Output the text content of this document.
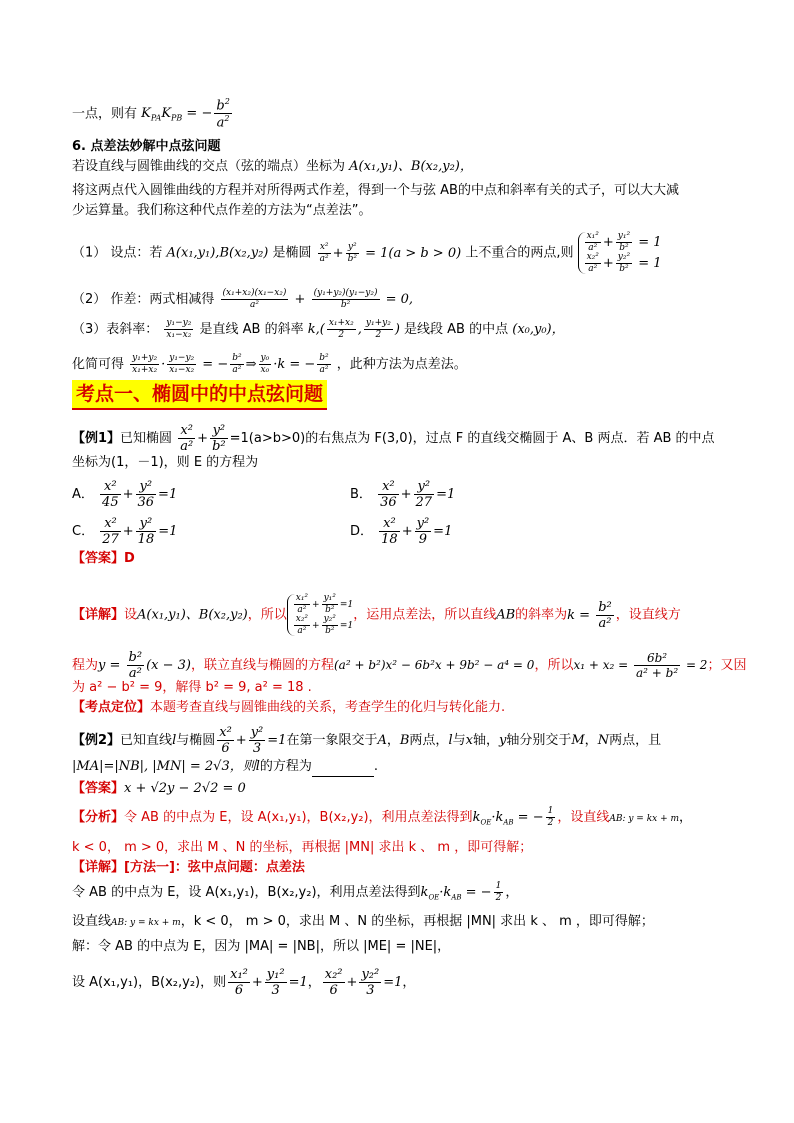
一点，则有 $K_{PA}K_{PB}$ = − $\frac{b^2}{a^2}$
6. 点差法妙解中点弦问题
若设直线与圆锥曲线的交点（弦的端点）坐标为 A(x₁,y₁)、B(x₂,y₂)，
将这两点代入圆锥曲线的方程并对所得两式作差，得到一个与弦 AB的中点和斜率有关的式子，可以大大减
少运算量。我们称这种代点作差的方法为“点差法”。
（1） 设点：若 A(x₁,y₁),B(x₂,y₂) 是椭圆 $\frac{\text{x²}}{\text{a²}} + \frac{\text{y²}}{\text{b²}} = 1(a > b > 0)$ 上不重合的两点,则 $\frac{\text{x₁²}}{\text{a²}} + \frac{\text{y₁²}}{\text{b²}} = 1$
$\frac{\text{x₂²}}{\text{a²}} + \frac{\text{y₂²}}{\text{b²}} = 1$
（2） 作差：两式相减得 $\frac{\text{(x₁+x₂)(x₁−x₂)}}{\text{a²}} + \frac{\text{(y₁+y₂)(y₁−y₂)}}{\text{b²}} = 0$,
（3）表斜率： $\frac{\text{y₁−y₂}}{\text{x₁−x₂}}$ 是直线 AB 的斜率 $k,( \frac{\text{x₁+x₂}}{2}$ , $\frac{\text{y₁+y₂}}{2}$ ) 是线段 AB 的中点 (x₀,y₀)，
化简可得 $\frac{\text{y₁+y₂}}{\text{x₁+x₂}} \cdot \frac{\text{y₁−y₂}}{\text{x₁−x₂}}$ = − $\frac{\text{b²}}{\text{a²}}$ ⇒ $\frac{\text{y₀}}{\text{x₀}} \cdot k$ = − $\frac{\text{b²}}{\text{a²}}$ ，此种方法为点差法。
考点一、椭圆中的中点弦问题
【例1】已知椭圆 $\frac{\text{x²}}{\text{a²}} + \frac{\text{y²}}{\text{b²}} =1(a>b>0)$的右焦点为 F(3,0)，过点 F 的直线交椭圆于 A、B 两点．若 AB 的中点
坐标为(1，－1)，则 E 的方程为
A． $\frac{\text{x²}}{45} + \frac{\text{y²}}{36} =1$	B． $\frac{\text{x²}}{36} + \frac{\text{y²}}{27} =1$
C． $\frac{\text{x²}}{27} + \frac{\text{y²}}{18} =1$	D． $\frac{\text{x²}}{18} + \frac{\text{y²}}{9} =1$
【答案】D
【详解】设A(x₁,y₁)、B(x₂,y₂)，所以 $\frac{\text{x₁²}}{\text{a²}} + \frac{\text{y₁²}}{\text{b²}} =1$
$\frac{\text{x₂²}}{\text{a²}} + \frac{\text{y₂²}}{\text{b²}} =1$
，运用点差法，所以直线AB的斜率为$k = \frac{\text{b²}}{\text{a²}}$ ，设直线方
程为$y = \frac{\text{b²}}{\text{a²}} (x - 3)$，联立直线与椭圆的方程(a² + b²)x² − 6b²x + 9b² − a⁴ = 0，所以$x_1 + x_2 = \frac{\text{6b²}}{\text{a² + b²}} = 2$；又因
为 a² − b² = 9，解得 b² = 9, a² = 18 .
【考点定位】本题考查直线与圆锥曲线的关系，考查学生的化归与转化能力.
【例2】已知直线l与椭圆 $\frac{\text{x²}}{6} + \frac{\text{y²}}{3} =1$在第一象限交于A，B两点，l与x轴，y轴分别交于M，N两点，且
|MA|=|NB|, |MN| = 2√3，则l的方程为	.
【答案】x + √2y − 2√2 = 0
【分析】令 AB 的中点为 E，设 A(x₁,y₁)，B(x₂,y₂)，利用点差法得到$k_{OE}\cdot k_{AB}$ = − $\frac{1}{2}$ ，设直线AB: y = kx + m，
k < 0， m > 0，求出 M 、N 的坐标，再根据 |MN| 求出 k 、 m ，即可得解；
【详解】[方法一]：弦中点问题：点差法
令 AB 的中点为 E，设 A(x₁,y₁)，B(x₂,y₂)，利用点差法得到$k_{OE}\cdot k_{AB}$ = − $\frac{1}{2}$ ，
设直线AB: y = kx + m，k < 0， m > 0，求出 M 、N 的坐标，再根据 |MN| 求出 k 、 m ，即可得解；
解：令 AB 的中点为 E，因为 |MA| = |NB|，所以 |ME| = |NE|，
设 A(x₁,y₁)，B(x₂,y₂)，则 $\frac{\text{x₁²}}{6} + \frac{\text{y₁²}}{3} =1$， $\frac{\text{x₂²}}{6} + \frac{\text{y₂²}}{3} =1$，
